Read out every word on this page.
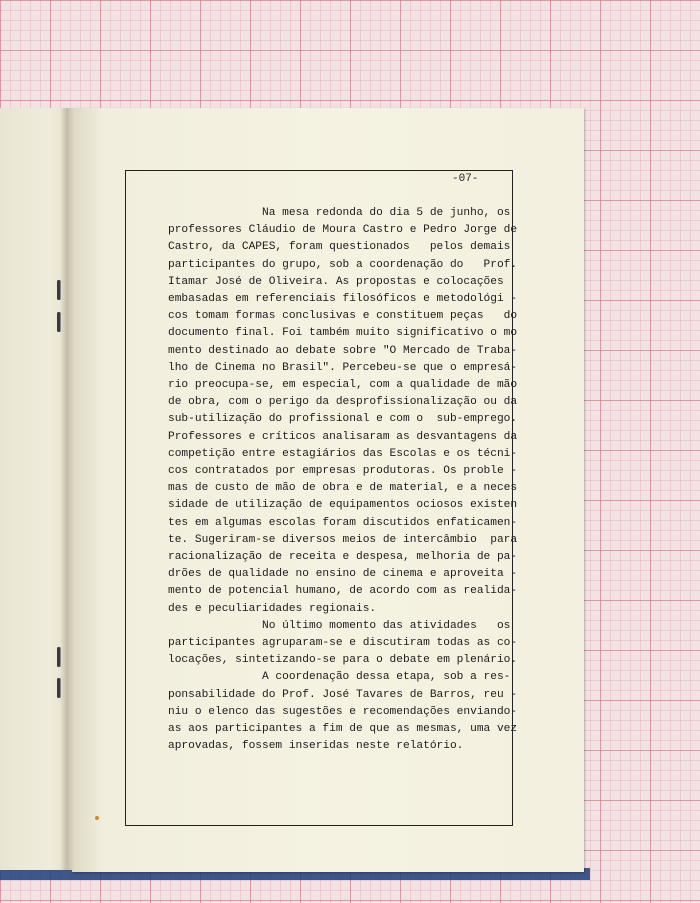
-07-

Na mesa redonda do dia 5 de junho, os
professores Cláudio de Moura Castro e Pedro Jorge de
Castro, da CAPES, foram questionados   pelos demais
participantes do grupo, sob a coordenação do   Prof.
Itamar José de Oliveira. As propostas e colocações
embasadas em referenciais filosóficos e metodológi -
cos tomam formas conclusivas e constituem peças   do
documento final. Foi também muito significativo o mo
mento destinado ao debate sobre "O Mercado de Traba-
lho de Cinema no Brasil". Percebeu-se que o empresá-
rio preocupa-se, em especial, com a qualidade de mão
de obra, com o perigo da desprofissionalização ou da
sub-utilização do profissional e com o  sub-emprego.
Professores e críticos analisaram as desvantagens da
competição entre estagiários das Escolas e os técni-
cos contratados por empresas produtoras. Os proble -
mas de custo de mão de obra e de material, e a neces
sidade de utilização de equipamentos ociosos existen
tes em algumas escolas foram discutidos enfaticamen-
te. Sugeriram-se diversos meios de intercâmbio  para
racionalização de receita e despesa, melhoria de pa-
drões de qualidade no ensino de cinema e aproveita -
mento de potencial humano, de acordo com as realida-
des e peculiaridades regionais.
No último momento das atividades   os
participantes agruparam-se e discutiram todas as co-
locações, sintetizando-se para o debate em plenário.
A coordenação dessa etapa, sob a res-
ponsabilidade do Prof. José Tavares de Barros, reu -
niu o elenco das sugestões e recomendações enviando-
as aos participantes a fim de que as mesmas, uma vez
aprovadas, fossem inseridas neste relatório.
